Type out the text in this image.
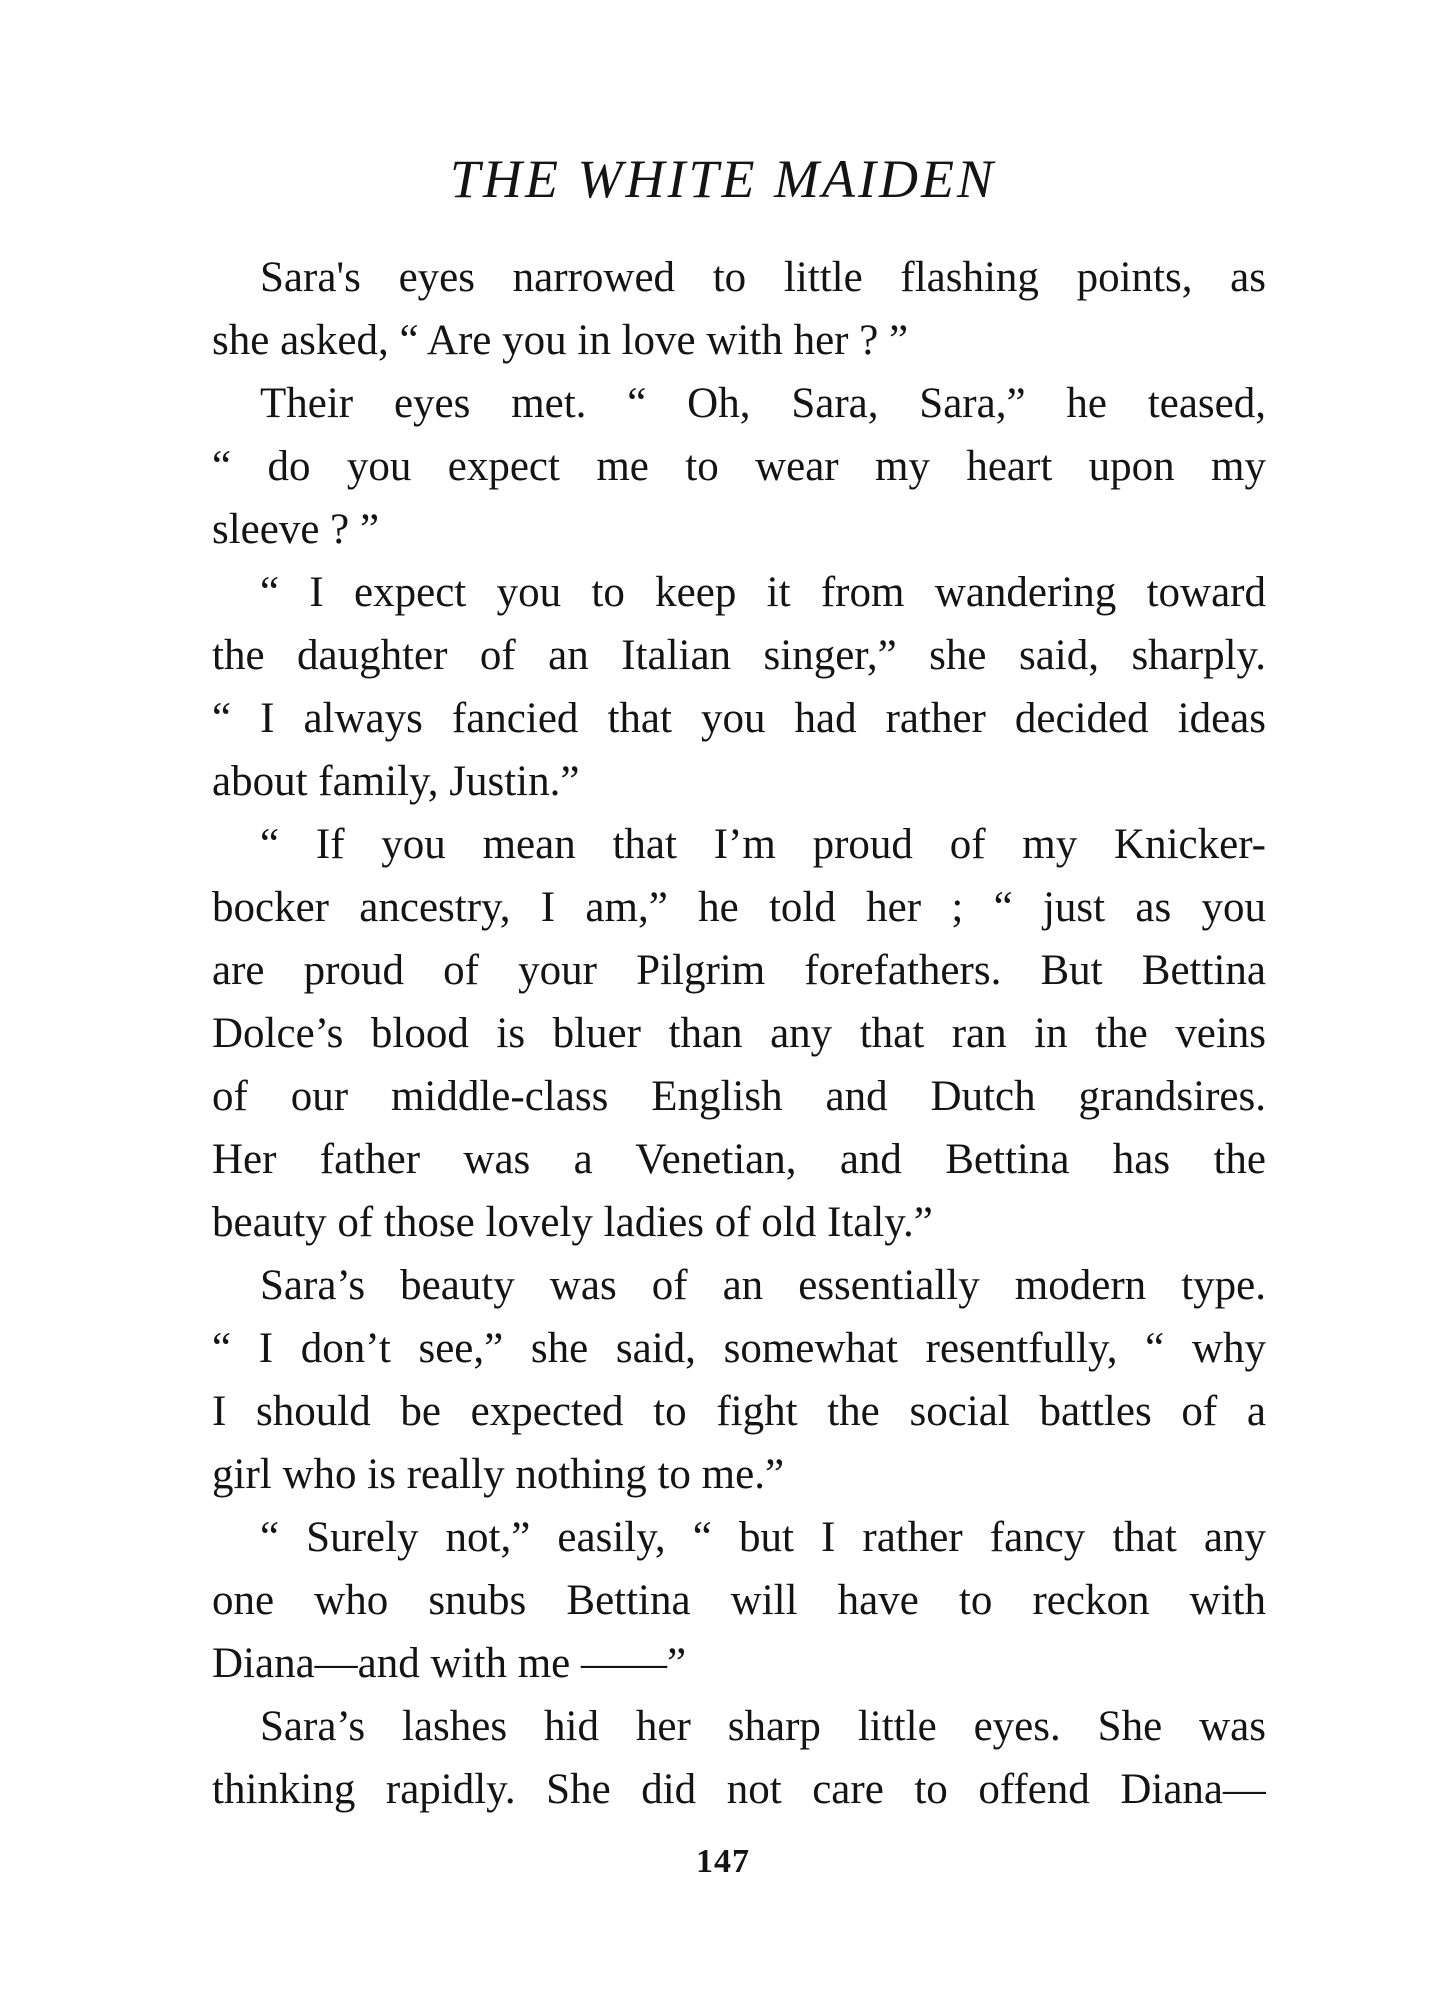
THE WHITE MAIDEN
Sara's eyes narrowed to little flashing points, as
she asked, “ Are you in love with her ? ”
Their eyes met. “ Oh, Sara, Sara,” he teased,
“ do you expect me to wear my heart upon my
sleeve ? ”
“ I expect you to keep it from wandering toward
the daughter of an Italian singer,” she said, sharply.
“ I always fancied that you had rather decided ideas
about family, Justin.”
“ If you mean that I’m proud of my Knicker-
bocker ancestry, I am,” he told her ; “ just as you
are proud of your Pilgrim forefathers. But Bettina
Dolce’s blood is bluer than any that ran in the veins
of our middle-class English and Dutch grandsires.
Her father was a Venetian, and Bettina has the
beauty of those lovely ladies of old Italy.”
Sara’s beauty was of an essentially modern type.
“ I don’t see,” she said, somewhat resentfully, “ why
I should be expected to fight the social battles of a
girl who is really nothing to me.”
“ Surely not,” easily, “ but I rather fancy that any
one who snubs Bettina will have to reckon with
Diana—and with me ——”
Sara’s lashes hid her sharp little eyes. She was
thinking rapidly. She did not care to offend Diana—
147
